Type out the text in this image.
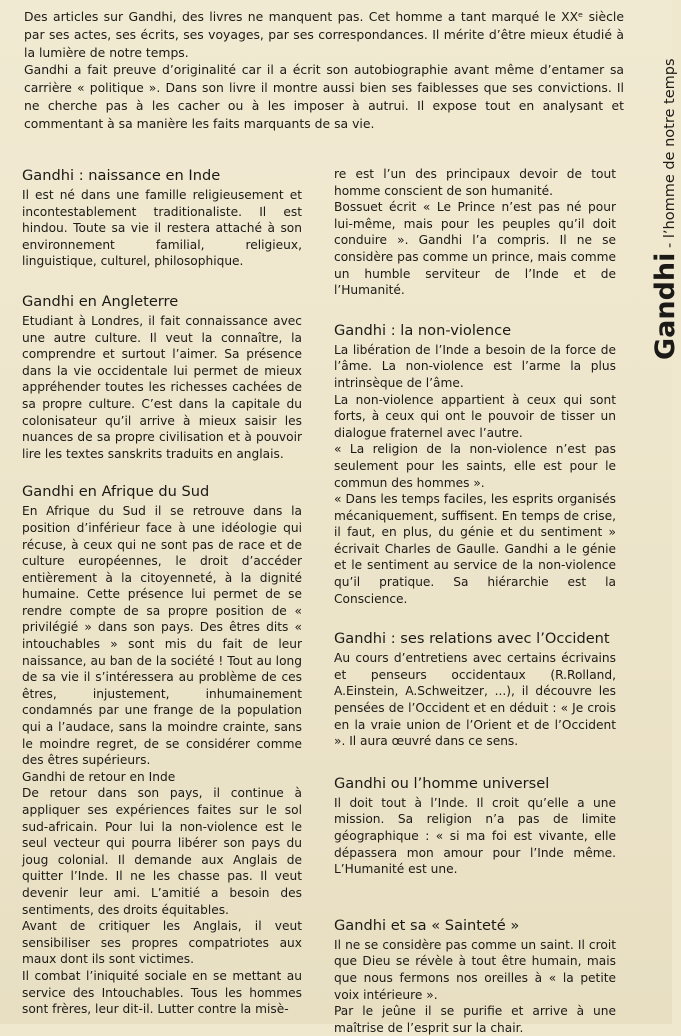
Des articles sur Gandhi, des livres ne manquent pas. Cet homme a tant marqué le XXᵉ siècle par ses actes, ses écrits, ses voyages, par ses correspondances. Il mérite d’être mieux étudié à la lumière de notre temps.

Gandhi a fait preuve d’originalité car il a écrit son autobiographie avant même d’entamer sa carrière « politique ». Dans son livre il montre aussi bien ses faiblesses que ses convictions. Il ne cherche pas à les cacher ou à les imposer à autrui. Il expose tout en analysant et commentant à sa manière les faits marquants de sa vie.

Gandhi : naissance en Inde

Il est né dans une famille religieusement et incontestablement traditionaliste. Il est hindou. Toute sa vie il restera attaché à son environnement familial, religieux, linguistique, culturel, philosophique.

Gandhi en Angleterre

Etudiant à Londres, il fait connaissance avec une autre culture. Il veut la connaître, la comprendre et surtout l’aimer. Sa présence dans la vie occidentale lui permet de mieux appréhender toutes les richesses cachées de sa propre culture. C’est dans la capitale du colonisateur qu’il arrive à mieux saisir les nuances de sa propre civilisation et à pouvoir lire les textes sanskrits traduits en anglais.

Gandhi en Afrique du Sud

En Afrique du Sud il se retrouve dans la position d’inférieur face à une idéologie qui récuse, à ceux qui ne sont pas de race et de culture européennes, le droit d’accéder entièrement à la citoyenneté, à la dignité humaine. Cette présence lui permet de se rendre compte de sa propre position de « privilégié » dans son pays. Des êtres dits « intouchables » sont mis du fait de leur naissance, au ban de la société ! Tout au long de sa vie il s’intéressera au problème de ces êtres, injustement, inhumainement condamnés par une frange de la population qui a l’audace, sans la moindre crainte, sans le moindre regret, de se considérer comme des êtres supérieurs.

Gandhi de retour en Inde

De retour dans son pays, il continue à appliquer ses expériences faites sur le sol sud-africain. Pour lui la non-violence est le seul vecteur qui pourra libérer son pays du joug colonial. Il demande aux Anglais de quitter l’Inde. Il ne les chasse pas. Il veut devenir leur ami. L’amitié a besoin des sentiments, des droits équitables.

Avant de critiquer les Anglais, il veut sensibiliser ses propres compatriotes aux maux dont ils sont victimes.

Il combat l’iniquité sociale en se mettant au service des Intouchables. Tous les hommes sont frères, leur dit-il. Lutter contre la misè-

re est l’un des principaux devoir de tout homme conscient de son humanité.

Bossuet écrit « Le Prince n’est pas né pour lui-même, mais pour les peuples qu’il doit conduire ». Gandhi l’a compris. Il ne se considère pas comme un prince, mais comme un humble serviteur de l’Inde et de l’Humanité.

Gandhi : la non-violence

La libération de l’Inde a besoin de la force de l’âme. La non-violence est l’arme la plus intrinsèque de l’âme.

La non-violence appartient à ceux qui sont forts, à ceux qui ont le pouvoir de tisser un dialogue fraternel avec l’autre.

« La religion de la non-violence n’est pas seulement pour les saints, elle est pour le commun des hommes ».

« Dans les temps faciles, les esprits organisés mécaniquement, suffisent. En temps de crise, il faut, en plus, du génie et du sentiment » écrivait Charles de Gaulle. Gandhi a le génie et le sentiment au service de la non-violence qu’il pratique. Sa hiérarchie est la Conscience.

Gandhi : ses relations avec l’Occident

Au cours d’entretiens avec certains écrivains et penseurs occidentaux (R.Rolland, A.Einstein, A.Schweitzer, ...), il découvre les pensées de l’Occident et en déduit : « Je crois en la vraie union de l’Orient et de l’Occident ». Il aura œuvré dans ce sens.

Gandhi ou l’homme universel

Il doit tout à l’Inde. Il croit qu’elle a une mission. Sa religion n’a pas de limite géographique : « si ma foi est vivante, elle dépassera mon amour pour l’Inde même. L’Humanité est une.

Gandhi et sa « Sainteté »

Il ne se considère pas comme un saint. Il croit que Dieu se révèle à tout être humain, mais que nous fermons nos oreilles à « la petite voix intérieure ».

Par le jeûne il se purifie et arrive à une maîtrise de l’esprit sur la chair.

Gandhi - l’homme de notre temps
